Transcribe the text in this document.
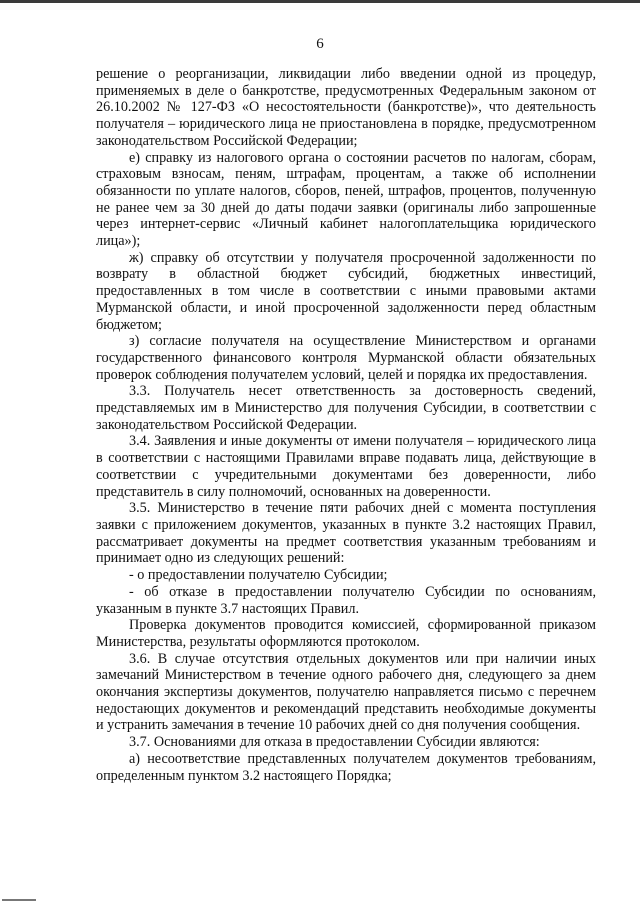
6

решение о реорганизации, ликвидации либо введении одной из процедур, применяемых в деле о банкротстве, предусмотренных Федеральным законом от 26.10.2002 № 127-ФЗ «О несостоятельности (банкротстве)», что деятельность получателя – юридического лица не приостановлена в порядке, предусмотренном законодательством Российской Федерации;

е) справку из налогового органа о состоянии расчетов по налогам, сборам, страховым взносам, пеням, штрафам, процентам, а также об исполнении обязанности по уплате налогов, сборов, пеней, штрафов, процентов, полученную не ранее чем за 30 дней до даты подачи заявки (оригиналы либо запрошенные через интернет-сервис «Личный кабинет налогоплательщика юридического лица»);

ж) справку об отсутствии у получателя просроченной задолженности по возврату в областной бюджет субсидий, бюджетных инвестиций, предоставленных в том числе в соответствии с иными правовыми актами Мурманской области, и иной просроченной задолженности перед областным бюджетом;

з) согласие получателя на осуществление Министерством и органами государственного финансового контроля Мурманской области обязательных проверок соблюдения получателем условий, целей и порядка их предоставления.

3.3. Получатель несет ответственность за достоверность сведений, представляемых им в Министерство для получения Субсидии, в соответствии с законодательством Российской Федерации.

3.4. Заявления и иные документы от имени получателя – юридического лица в соответствии с настоящими Правилами вправе подавать лица, действующие в соответствии с учредительными документами без доверенности, либо представитель в силу полномочий, основанных на доверенности.

3.5. Министерство в течение пяти рабочих дней с момента поступления заявки с приложением документов, указанных в пункте 3.2 настоящих Правил, рассматривает документы на предмет соответствия указанным требованиям и принимает одно из следующих решений:

- о предоставлении получателю Субсидии;

- об отказе в предоставлении получателю Субсидии по основаниям, указанным в пункте 3.7 настоящих Правил.

Проверка документов проводится комиссией, сформированной приказом Министерства, результаты оформляются протоколом.

3.6. В случае отсутствия отдельных документов или при наличии иных замечаний Министерством в течение одного рабочего дня, следующего за днем окончания экспертизы документов, получателю направляется письмо с перечнем недостающих документов и рекомендаций представить необходимые документы и устранить замечания в течение 10 рабочих дней со дня получения сообщения.

3.7. Основаниями для отказа в предоставлении Субсидии являются:

а) несоответствие представленных получателем документов требованиям, определенным пунктом 3.2 настоящего Порядка;
